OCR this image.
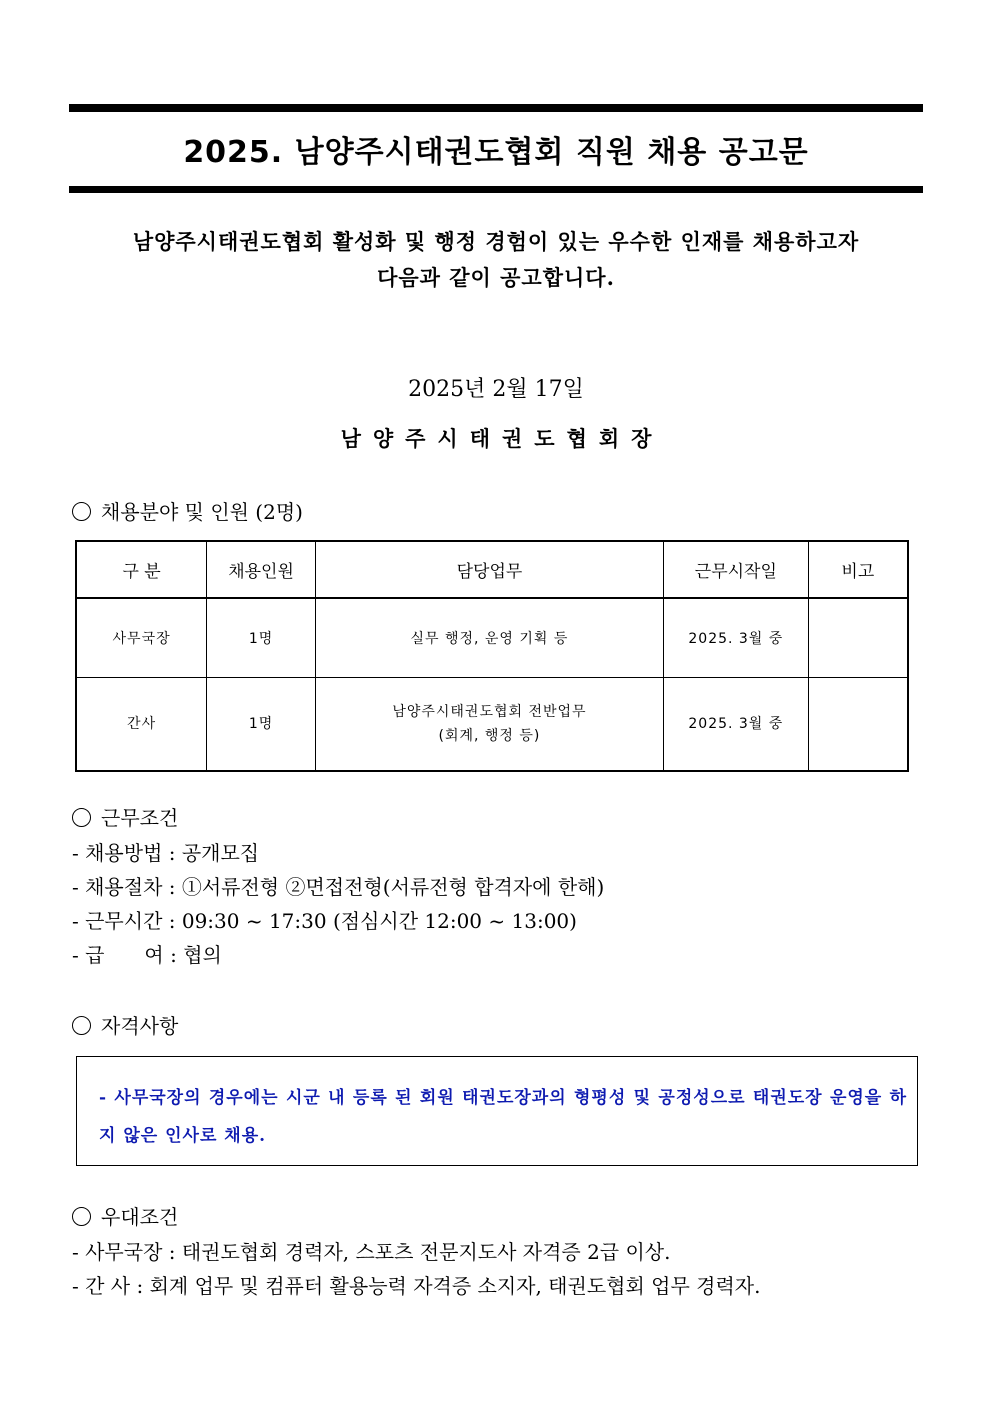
2025. 남양주시태권도협회 직원 채용 공고문
남양주시태권도협회 활성화 및 행정 경험이 있는 우수한 인재를 채용하고자
다음과 같이 공고합니다.
2025년 2월 17일
남양주시태권도협회장
채용분야 및 인원 (2명)
구 분	채용인원	담당업무	근무시작일	비고
사무국장	1명	실무 행정, 운영 기획 등	2025. 3월 중	
간사	1명	남양주시태권도협회 전반업무
(회계, 행정 등)	2025. 3월 중	
근무조건
- 채용방법 : 공개모집
- 채용절차 : ①서류전형 ②면접전형(서류전형 합격자에 한해)
- 근무시간 : 09:30 ~ 17:30 (점심시간 12:00 ~ 13:00)
- 급　　여 : 협의
자격사항
- 사무국장의 경우에는 시군 내 등록 된 회원 태권도장과의 형평성 및 공정성으로 태권도장 운영을 하지 않은 인사로 채용.
우대조건
- 사무국장 : 태권도협회 경력자, 스포츠 전문지도사 자격증 2급 이상.
- 간 사 : 회계 업무 및 컴퓨터 활용능력 자격증 소지자, 태권도협회 업무 경력자.
